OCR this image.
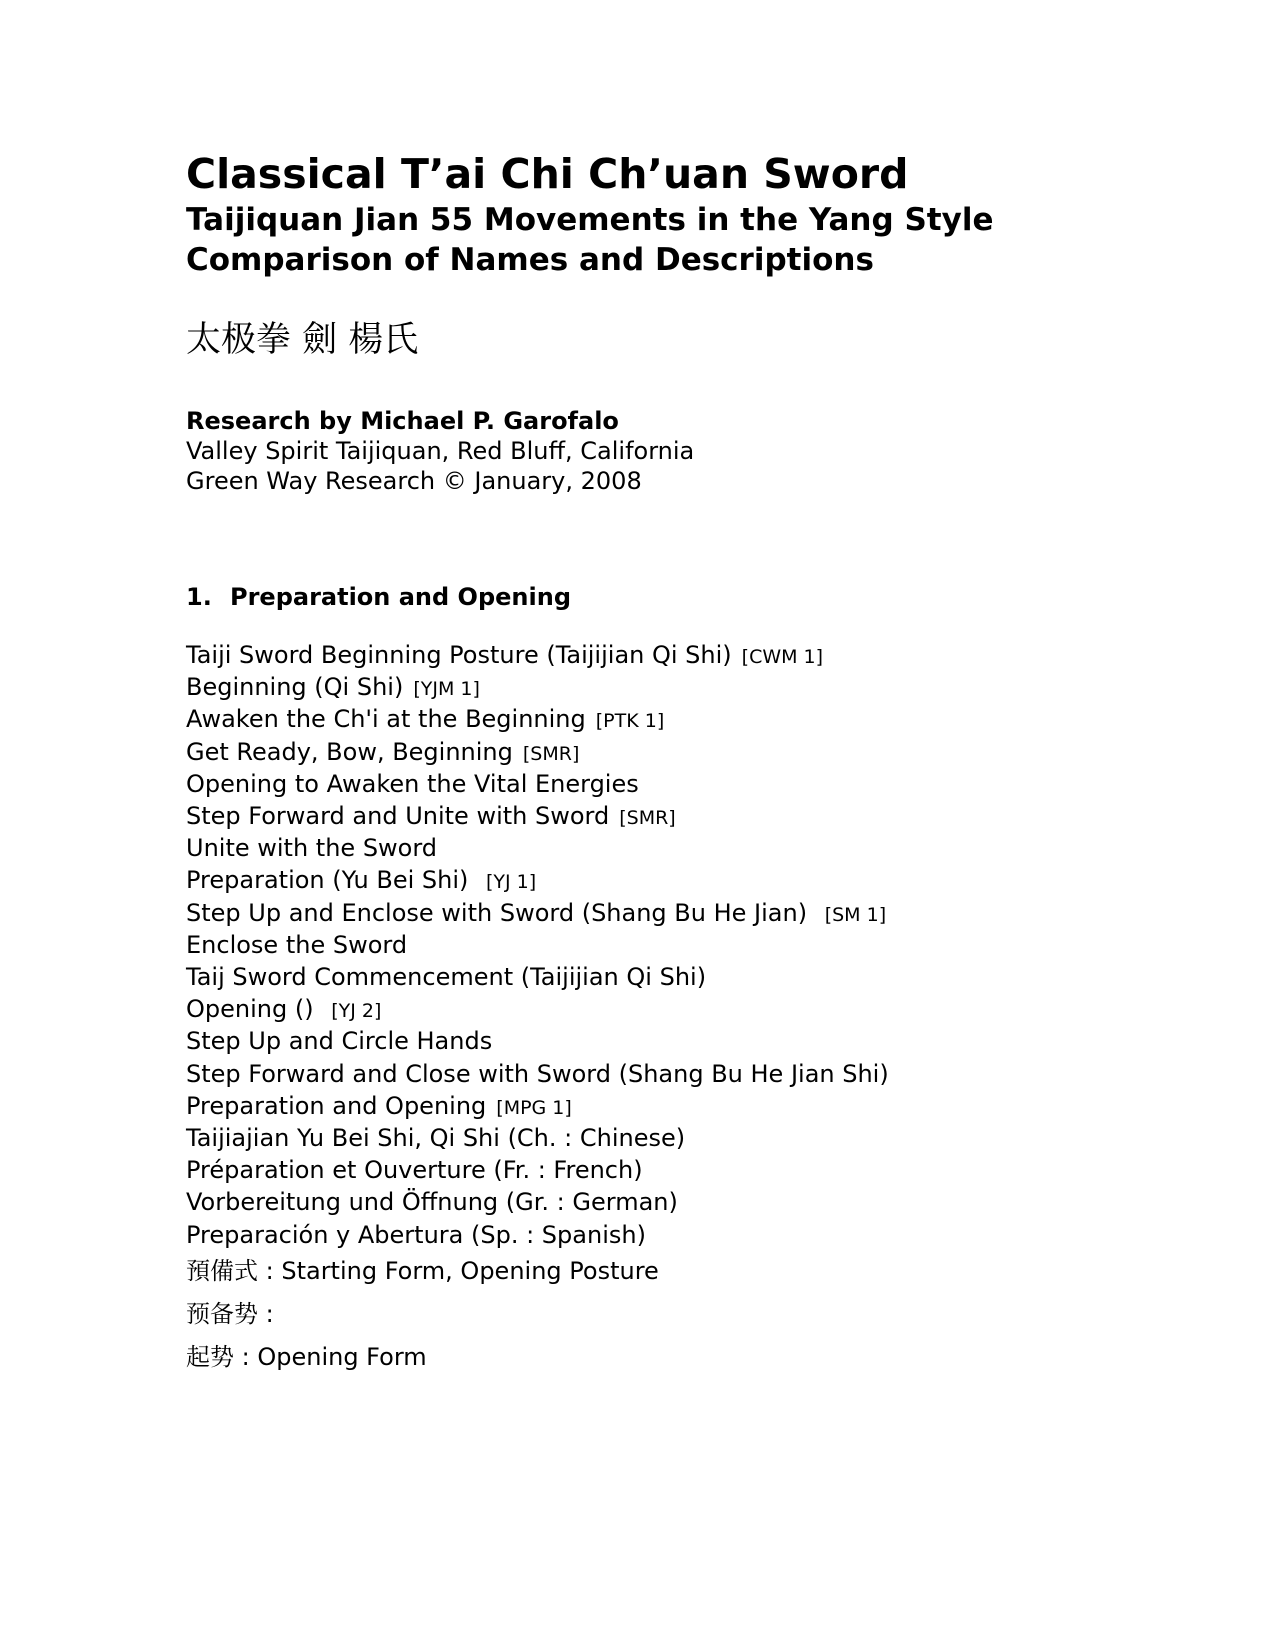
Classical T’ai Chi Ch’uan Sword
Taijiquan Jian 55 Movements in the Yang Style
Comparison of Names and Descriptions
太极拳 劍 楊氏
Research by Michael P. Garofalo
Valley Spirit Taijiquan, Red Bluff, California
Green Way Research © January, 2008
1. Preparation and Opening
Taiji Sword Beginning Posture (Taijijian Qi Shi) [CWM 1]
Beginning (Qi Shi) [YJM 1]
Awaken the Ch'i at the Beginning [PTK 1]
Get Ready, Bow, Beginning [SMR]
Opening to Awaken the Vital Energies
Step Forward and Unite with Sword [SMR]
Unite with the Sword
Preparation (Yu Bei Shi) [YJ 1]
Step Up and Enclose with Sword (Shang Bu He Jian) [SM 1]
Enclose the Sword
Taij Sword Commencement (Taijijian Qi Shi)
Opening () [YJ 2]
Step Up and Circle Hands
Step Forward and Close with Sword (Shang Bu He Jian Shi)
Preparation and Opening [MPG 1]
Taijiajian Yu Bei Shi, Qi Shi (Ch. : Chinese)
Préparation et Ouverture (Fr. : French)
Vorbereitung und Öffnung (Gr. : German)
Preparación y Abertura (Sp. : Spanish)
預備式 : Starting Form, Opening Posture
预备势 :
起势 : Opening Form
